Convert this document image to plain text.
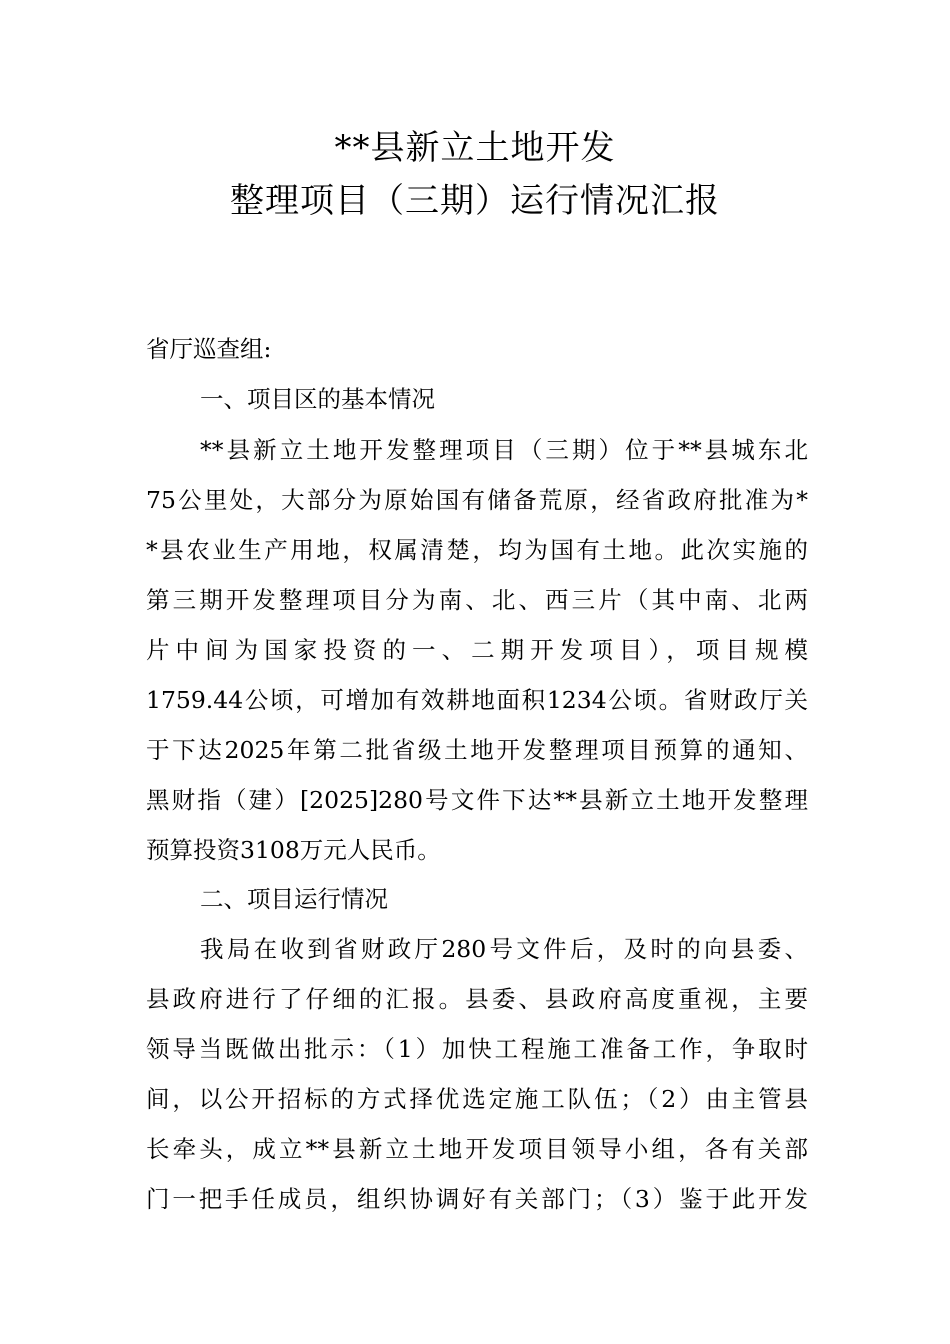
**县新立土地开发
整理项目（三期）运行情况汇报
省厅巡查组:
一、项目区的基本情况
**县新立土地开发整理项目（三期）位于**县城东北
75公里处，大部分为原始国有储备荒原，经省政府批准为*
*县农业生产用地，权属清楚，均为国有土地。此次实施的
第三期开发整理项目分为南、北、西三片（其中南、北两
片中间为国家投资的一、二期开发项目），项目规模
1759.44公顷，可增加有效耕地面积1234公顷。省财政厅关
于下达2025年第二批省级土地开发整理项目预算的通知、
黑财指（建）[2025]280号文件下达**县新立土地开发整理
预算投资3108万元人民币。
二、项目运行情况
我局在收到省财政厅280号文件后，及时的向县委、
县政府进行了仔细的汇报。县委、县政府高度重视，主要
领导当既做出批示：（1）加快工程施工准备工作，争取时
间，以公开招标的方式择优选定施工队伍；（2）由主管县
长牵头，成立**县新立土地开发项目领导小组，各有关部
门一把手任成员，组织协调好有关部门；（3）鉴于此开发
